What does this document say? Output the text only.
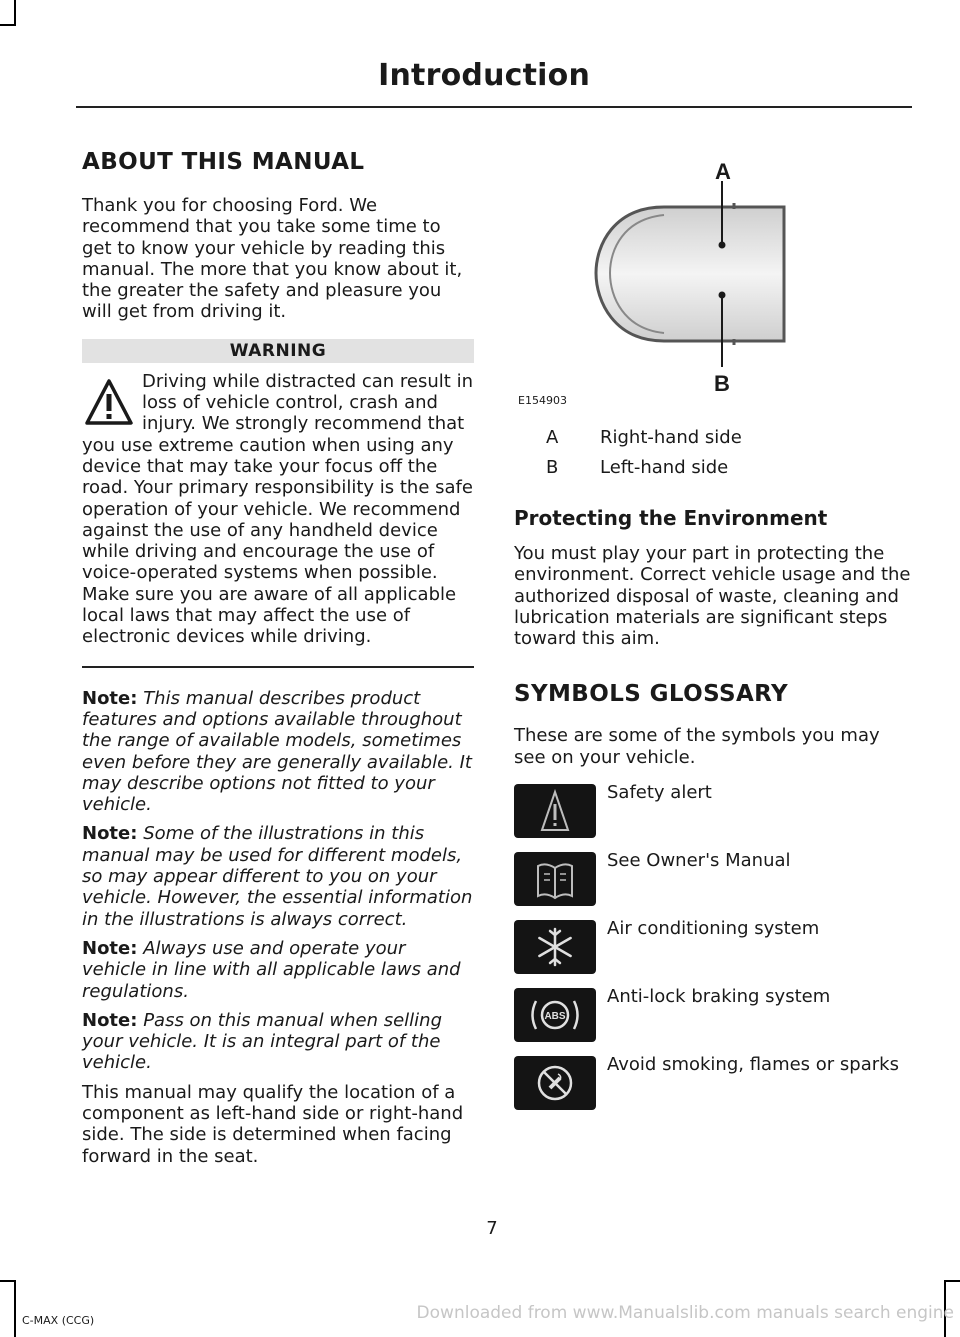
Introduction
ABOUT THIS MANUAL

Thank you for choosing Ford. We recommend that you take some time to get to know your vehicle by reading this manual. The more that you know about it, the greater the safety and pleasure you will get from driving it.

WARNING
Driving while distracted can result in loss of vehicle control, crash and injury. We strongly recommend that you use extreme caution when using any device that may take your focus off the road. Your primary responsibility is the safe operation of your vehicle. We recommend against the use of any handheld device while driving and encourage the use of voice-operated systems when possible. Make sure you are aware of all applicable local laws that may affect the use of electronic devices while driving.

Note: This manual describes product features and options available throughout the range of available models, sometimes even before they are generally available. It may describe options not fitted to your vehicle.

Note: Some of the illustrations in this manual may be used for different models, so may appear different to you on your vehicle. However, the essential information in the illustrations is always correct.

Note: Always use and operate your vehicle in line with all applicable laws and regulations.

Note: Pass on this manual when selling your vehicle. It is an integral part of the vehicle.

This manual may qualify the location of a component as left-hand side or right-hand side. The side is determined when facing forward in the seat.

A
B
E154903
A	Right-hand side
B	Left-hand side
Protecting the Environment

You must play your part in protecting the environment. Correct vehicle usage and the authorized disposal of waste, cleaning and lubrication materials are significant steps toward this aim.

SYMBOLS GLOSSARY

These are some of the symbols you may see on your vehicle.

Safety alert
See Owner's Manual
Air conditioning system
ABS
Anti-lock braking system
Avoid smoking, flames or sparks
7
C-MAX (CCG)	Downloaded from www.Manualslib.com manuals search engine
